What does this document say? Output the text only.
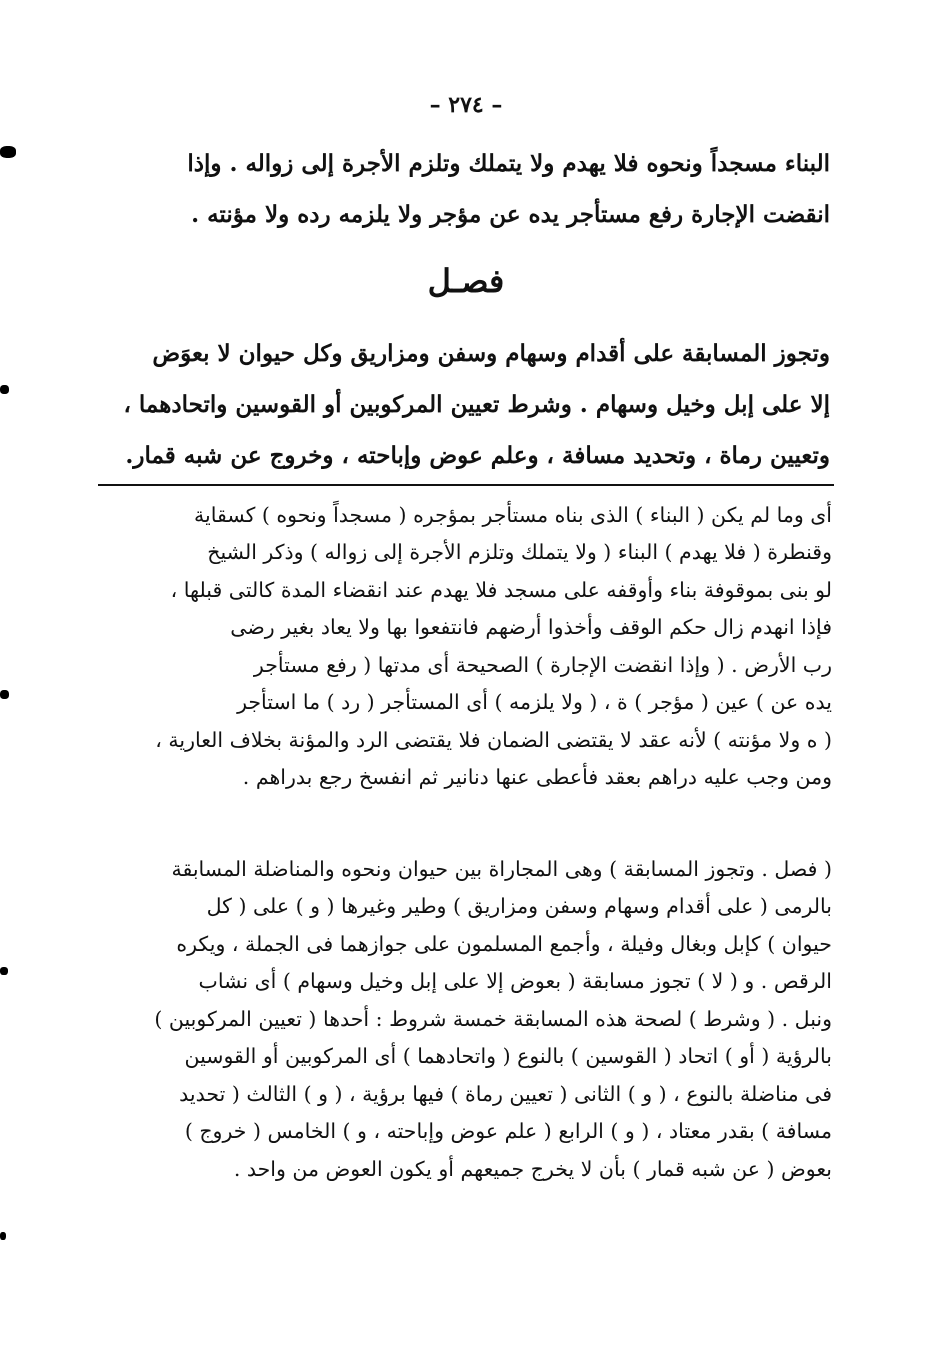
– ٢٧٤ –
البناء مسجداً ونحوه فلا يهدم ولا يتملك وتلزم الأجرة إلى زواله . وإذا
انقضت الإجارة رفع مستأجر يده عن مؤجر ولا يلزمه رده ولا مؤنته .
فصـل
وتجوز المسابقة على أقدام وسهام وسفن ومزاريق وكل حيوان لا بعوَض
إلا على إبل وخيل وسهام . وشرط تعيين المركوبين أو القوسين واتحادهما ،
وتعيين رماة ، وتحديد مسافة ، وعلم عوض وإباحته ، وخروج عن شبه قمار.
أى وما لم يكن ( البناء ) الذى بناه مستأجر بمؤجره ( مسجداً ونحوه ) كسقاية
وقنطرة ( فلا يهدم ) البناء ( ولا يتملك وتلزم الأجرة إلى زواله ) وذكر الشيخ
لو بنى بموقوفة بناء وأوقفه على مسجد فلا يهدم عند انقضاء المدة كالتى قبلها ،
فإذا انهدم زال حكم الوقف وأخذوا أرضهم فانتفعوا بها ولا يعاد بغير رضى
رب الأرض . ( وإذا انقضت الإجارة ) الصحيحة أى مدتها ( رفع مستأجر
يده عن ) عين ( مؤجر ) ة ، ( ولا يلزمه ) أى المستأجر ( رد ) ما استأجر
( ه ولا مؤنته ) لأنه عقد لا يقتضى الضمان فلا يقتضى الرد والمؤنة بخلاف العارية ،
ومن وجب عليه دراهم بعقد فأعطى عنها دنانير ثم انفسخ رجع بدراهم .
( فصل . وتجوز المسابقة ) وهى المجاراة بين حيوان ونحوه والمناضلة المسابقة
بالرمى ( على أقدام وسهام وسفن ومزاريق ) وطير وغيرها ( و ) على ( كل
حيوان ) كإبل وبغال وفيلة ، وأجمع المسلمون على جوازهما فى الجملة ، ويكره
الرقص . و ( لا ) تجوز مسابقة ( بعوض إلا على إبل وخيل وسهام ) أى نشاب
ونبل . ( وشرط ) لصحة هذه المسابقة خمسة شروط : أحدها ( تعيين المركوبين )
بالرؤية ( أو ) اتحاد ( القوسين ) بالنوع ( واتحادهما ) أى المركوبين أو القوسين
فى مناضلة بالنوع ، ( و ) الثانى ( تعيين رماة ) فيها برؤية ، ( و ) الثالث ( تحديد
مسافة ) بقدر معتاد ، ( و ) الرابع ( علم عوض وإباحته ، و ) الخامس ( خروج )
بعوض ( عن شبه قمار ) بأن لا يخرج جميعهم أو يكون العوض من واحد .
